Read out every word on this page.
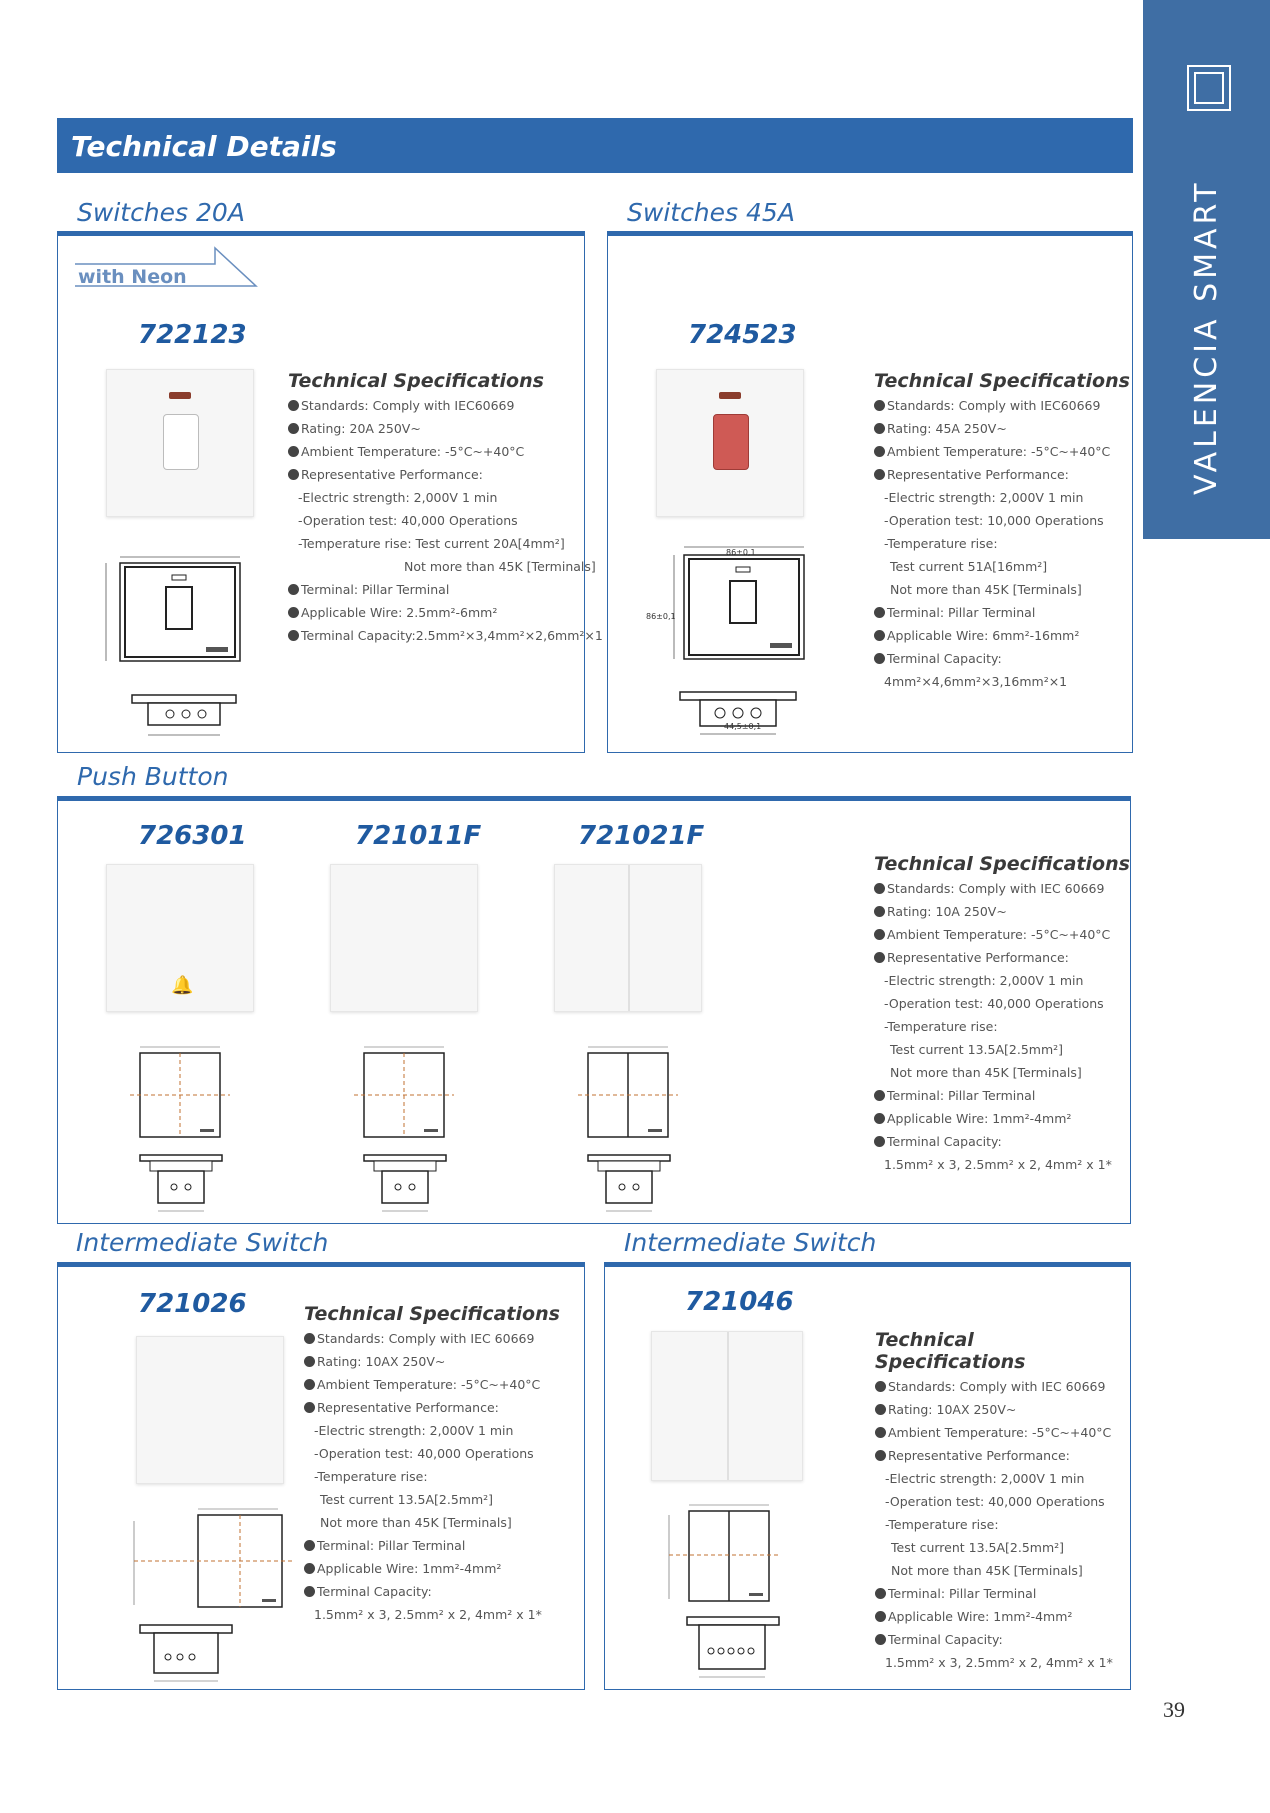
VALENCIA SMART
Technical Details
Switches 20A
with Neon
722123
Technical Specifications
Standards: Comply with IEC60669
Rating: 20A 250V~
Ambient Temperature: -5°C~+40°C
Representative Performance:
-Electric strength: 2,000V 1 min
-Operation test: 40,000 Operations
-Temperature rise: Test current 20A[4mm²]
Not more than 45K [Terminals]
Terminal: Pillar Terminal
Applicable Wire: 2.5mm²-6mm²
Terminal Capacity:2.5mm²×3,4mm²×2,6mm²×1
Switches 45A
724523
86±0,1
86±0,1
44,5±0,1
Technical Specifications
Standards: Comply with IEC60669
Rating: 45A 250V~
Ambient Temperature: -5°C~+40°C
Representative Performance:
-Electric strength: 2,000V 1 min
-Operation test: 10,000 Operations
-Temperature rise:
Test current 51A[16mm²]
Not more than 45K [Terminals]
Terminal: Pillar Terminal
Applicable Wire: 6mm²-16mm²
Terminal Capacity:
4mm²×4,6mm²×3,16mm²×1
Push Button
726301	721011F	721021F
🔔
Technical Specifications
Standards: Comply with IEC 60669
Rating: 10A 250V~
Ambient Temperature: -5°C~+40°C
Representative Performance:
-Electric strength: 2,000V 1 min
-Operation test: 40,000 Operations
-Temperature rise:
Test current 13.5A[2.5mm²]
Not more than 45K [Terminals]
Terminal: Pillar Terminal
Applicable Wire: 1mm²-4mm²
Terminal Capacity:
1.5mm² x 3, 2.5mm² x 2, 4mm² x 1*
Intermediate Switch
721026	Technical Specifications
Standards: Comply with IEC 60669
Rating: 10AX 250V~
Ambient Temperature: -5°C~+40°C
Representative Performance:
-Electric strength: 2,000V 1 min
-Operation test: 40,000 Operations
-Temperature rise:
Test current 13.5A[2.5mm²]
Not more than 45K [Terminals]
Terminal: Pillar Terminal
Applicable Wire: 1mm²-4mm²
Terminal Capacity:
1.5mm² x 3, 2.5mm² x 2, 4mm² x 1*
Intermediate Switch
721046
Technical Specifications
Standards: Comply with IEC 60669
Rating: 10AX 250V~
Ambient Temperature: -5°C~+40°C
Representative Performance:
-Electric strength: 2,000V 1 min
-Operation test: 40,000 Operations
-Temperature rise:
Test current 13.5A[2.5mm²]
Not more than 45K [Terminals]
Terminal: Pillar Terminal
Applicable Wire: 1mm²-4mm²
Terminal Capacity:
1.5mm² x 3, 2.5mm² x 2, 4mm² x 1*
39
